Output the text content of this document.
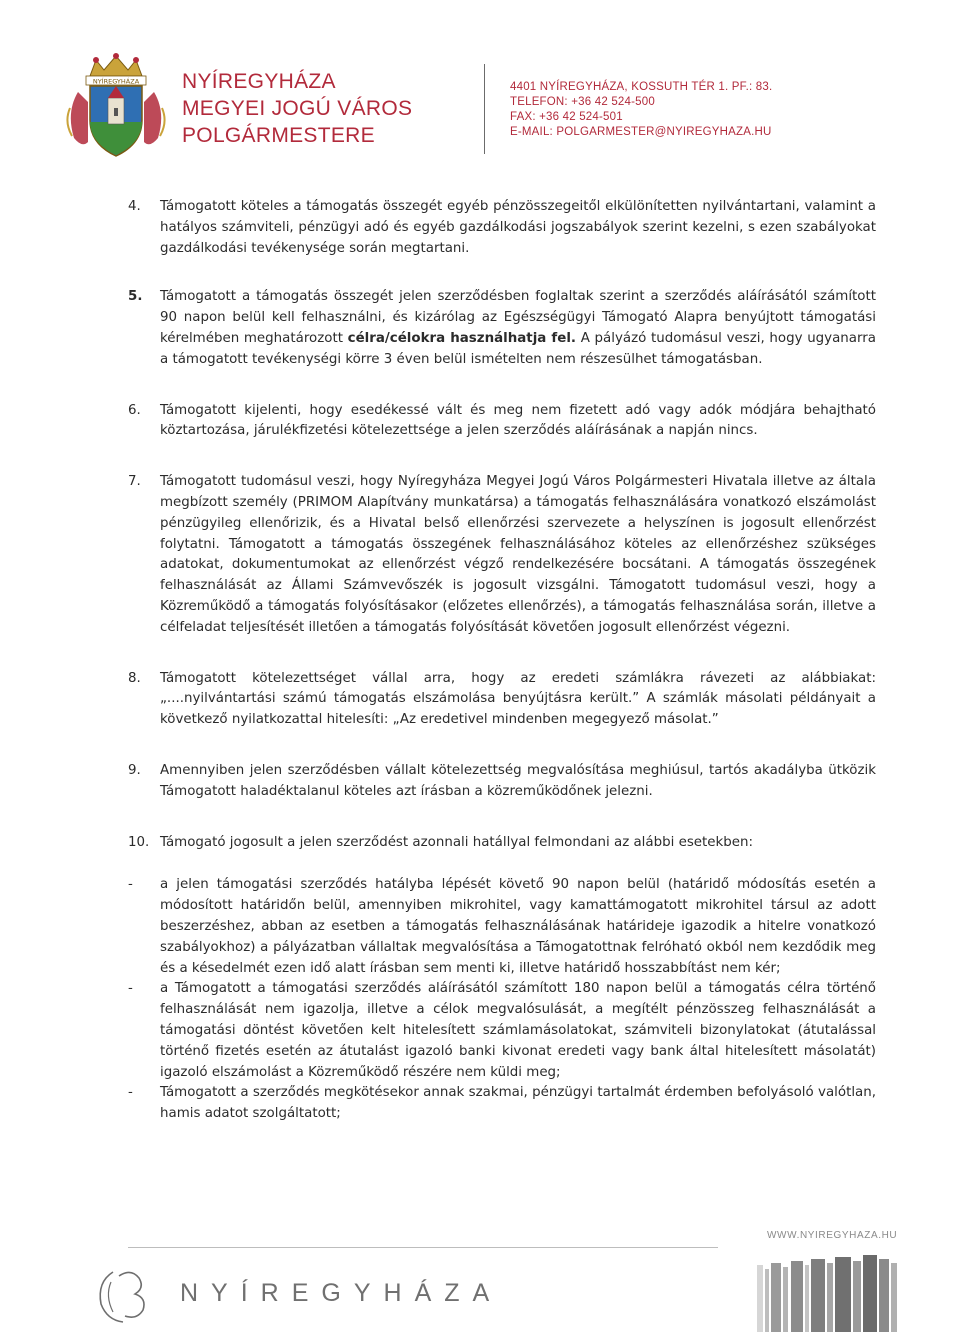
NYÍREGYHÁZA NYÍREGYHÁZA
MEGYEI JOGÚ VÁROS
POLGÁRMESTERE
4401 NYÍREGYHÁZA, KOSSUTH TÉR 1. PF.: 83.
TELEFON: +36 42 524-500
FAX: +36 42 524-501
E-MAIL: POLGARMESTER@NYIREGYHAZA.HU
4.	Támogatott köteles a támogatás összegét egyéb pénzösszegeitől elkülönítetten nyilvántartani, valamint a hatályos számviteli, pénzügyi adó és egyéb gazdálkodási jogszabályok szerint kezelni, s ezen szabályokat gazdálkodási tevékenysége során megtartani.
5.	Támogatott a támogatás összegét jelen szerződésben foglaltak szerint a szerződés aláírásától számított 90 napon belül kell felhasználni, és kizárólag az Egészségügyi Támogató Alapra benyújtott támogatási kérelmében meghatározott célra/célokra használhatja fel. A pályázó tudomásul veszi, hogy ugyanarra a támogatott tevékenységi körre 3 éven belül ismételten nem részesülhet támogatásban.
6.	Támogatott kijelenti, hogy esedékessé vált és meg nem fizetett adó vagy adók módjára behajtható köztartozása, járulékfizetési kötelezettsége a jelen szerződés aláírásának a napján nincs.
7.	Támogatott tudomásul veszi, hogy Nyíregyháza Megyei Jogú Város Polgármesteri Hivatala illetve az általa megbízott személy (PRIMOM Alapítvány munkatársa) a támogatás felhasználására vonatkozó elszámolást pénzügyileg ellenőrizik, és a Hivatal belső ellenőrzési szervezete a helyszínen is jogosult ellenőrzést folytatni. Támogatott a támogatás összegének felhasználásához köteles az ellenőrzéshez szükséges adatokat, dokumentumokat az ellenőrzést végző rendelkezésére bocsátani. A támogatás összegének felhasználását az Állami Számvevőszék is jogosult vizsgálni. Támogatott tudomásul veszi, hogy a Közreműködő a támogatás folyósításakor (előzetes ellenőrzés), a támogatás felhasználása során, illetve a célfeladat teljesítését illetően a támogatás folyósítását követően jogosult ellenőrzést végezni.
8.	Támogatott kötelezettséget vállal arra, hogy az eredeti számlákra rávezeti az alábbiakat: „....nyilvántartási számú támogatás elszámolása benyújtásra került.” A számlák másolati példányait a következő nyilatkozattal hitelesíti: „Az eredetivel mindenben megegyező másolat.”
9.	Amennyiben jelen szerződésben vállalt kötelezettség megvalósítása meghiúsul, tartós akadályba ütközik Támogatott haladéktalanul köteles azt írásban a közreműködőnek jelezni.
10. Támogató jogosult a jelen szerződést azonnali hatállyal felmondani az alábbi esetekben:
-	a jelen támogatási szerződés hatályba lépését követő 90 napon belül (határidő módosítás esetén a módosított határidőn belül, amennyiben mikrohitel, vagy kamattámogatott mikrohitel társul az adott beszerzéshez, abban az esetben a támogatás felhasználásának határideje igazodik a hitelre vonatkozó szabályokhoz) a pályázatban vállaltak megvalósítása a Támogatottnak felróható okból nem kezdődik meg és a késedelmét ezen idő alatt írásban sem menti ki, illetve határidő hosszabbítást nem kér;
-	a Támogatott a támogatási szerződés aláírásától számított 180 napon belül a támogatás célra történő felhasználását nem igazolja, illetve a célok megvalósulását, a megítélt pénzösszeg felhasználását a támogatási döntést követően kelt hitelesített számlamásolatokat, számviteli bizonylatokat (átutalással történő fizetés esetén az átutalást igazoló banki kivonat eredeti vagy bank által hitelesített másolatát) igazoló elszámolást a Közreműködő részére nem küldi meg;
-	Támogatott a szerződés megkötésekor annak szakmai, pénzügyi tartalmát érdemben befolyásoló valótlan, hamis adatot szolgáltatott;
WWW.NYIREGYHAZA.HU
NYÍREGYHÁZA
